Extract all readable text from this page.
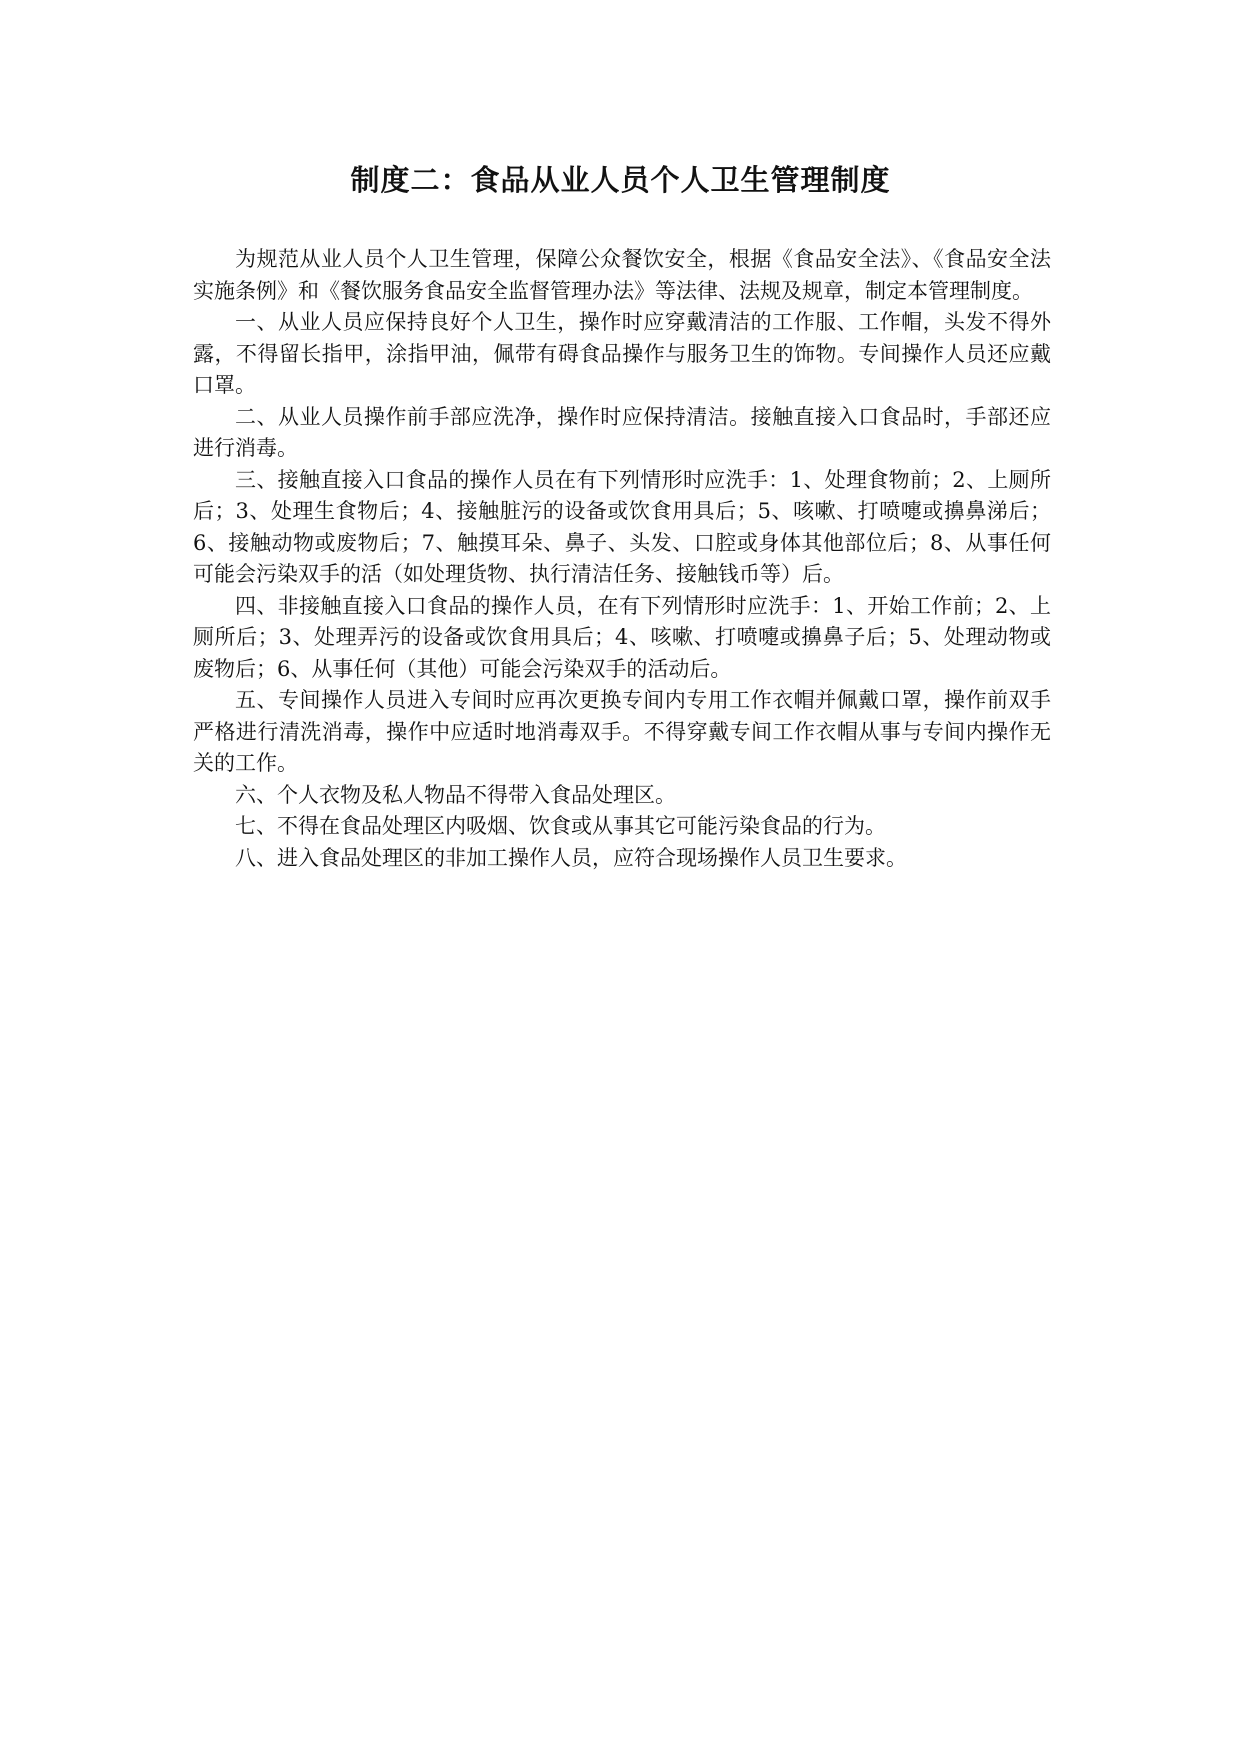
制度二：食品从业人员个人卫生管理制度

为规范从业人员个人卫生管理，保障公众餐饮安全，根据《食品安全法》、《食品安全法实施条例》和《餐饮服务食品安全监督管理办法》等法律、法规及规章，制定本管理制度。

一、从业人员应保持良好个人卫生，操作时应穿戴清洁的工作服、工作帽，头发不得外露，不得留长指甲，涂指甲油，佩带有碍食品操作与服务卫生的饰物。专间操作人员还应戴口罩。

二、从业人员操作前手部应洗净，操作时应保持清洁。接触直接入口食品时，手部还应进行消毒。

三、接触直接入口食品的操作人员在有下列情形时应洗手：1、处理食物前；2、上厕所后；3、处理生食物后；4、接触脏污的设备或饮食用具后；5、咳嗽、打喷嚏或擤鼻涕后；6、接触动物或废物后；7、触摸耳朵、鼻子、头发、口腔或身体其他部位后；8、从事任何可能会污染双手的活（如处理货物、执行清洁任务、接触钱币等）后。

四、非接触直接入口食品的操作人员，在有下列情形时应洗手：1、开始工作前；2、上厕所后；3、处理弄污的设备或饮食用具后；4、咳嗽、打喷嚏或擤鼻子后；5、处理动物或废物后；6、从事任何（其他）可能会污染双手的活动后。

五、专间操作人员进入专间时应再次更换专间内专用工作衣帽并佩戴口罩，操作前双手严格进行清洗消毒，操作中应适时地消毒双手。不得穿戴专间工作衣帽从事与专间内操作无关的工作。

六、个人衣物及私人物品不得带入食品处理区。

七、不得在食品处理区内吸烟、饮食或从事其它可能污染食品的行为。

八、进入食品处理区的非加工操作人员，应符合现场操作人员卫生要求。
